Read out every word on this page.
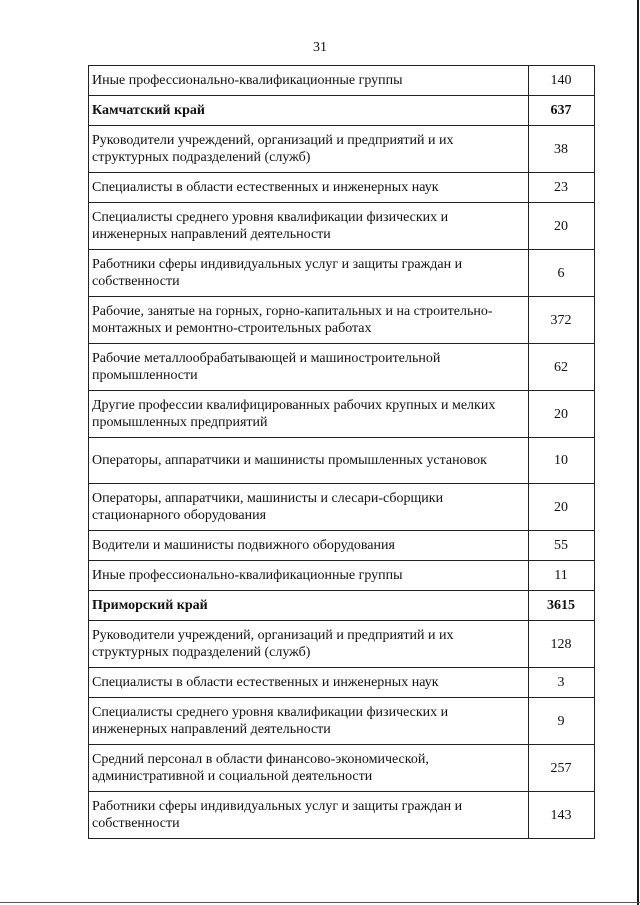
31
Иные профессионально-квалификационные группы	140
Камчатский край	637
Руководители учреждений, организаций и предприятий и их структурных подразделений (служб)	38
Специалисты в области естественных и инженерных наук	23
Специалисты среднего уровня квалификации физических и инженерных направлений деятельности	20
Работники сферы индивидуальных услуг и защиты граждан и собственности	6
Рабочие, занятые на горных, горно-капитальных и на строительно-монтажных и ремонтно-строительных работах	372
Рабочие металлообрабатывающей и машиностроительной промышленности	62
Другие профессии квалифицированных рабочих крупных и мелких промышленных предприятий	20
Операторы, аппаратчики и машинисты промышленных установок	10
Операторы, аппаратчики, машинисты и слесари-сборщики стационарного оборудования	20
Водители и машинисты подвижного оборудования	55
Иные профессионально-квалификационные группы	11
Приморский край	3615
Руководители учреждений, организаций и предприятий и их структурных подразделений (служб)	128
Специалисты в области естественных и инженерных наук	3
Специалисты среднего уровня квалификации физических и инженерных направлений деятельности	9
Средний персонал в области финансово-экономической, административной и социальной деятельности	257
Работники сферы индивидуальных услуг и защиты граждан и собственности	143
